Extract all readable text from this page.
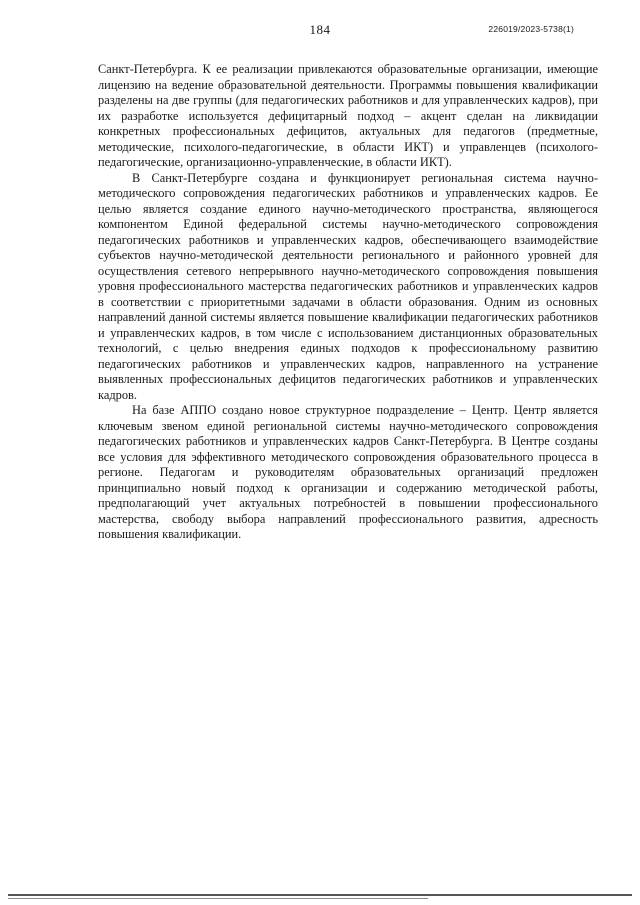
184	226019/2023-5738(1)

Санкт-Петербурга. К ее реализации привлекаются образовательные организации, имеющие лицензию на ведение образовательной деятельности. Программы повышения квалификации разделены на две группы (для педагогических работников и для управленческих кадров), при их разработке используется дефицитарный подход – акцент сделан на ликвидации конкретных профессиональных дефицитов, актуальных для педагогов (предметные, методические, психолого-педагогические, в области ИКТ) и управленцев (психолого-педагогические, организационно-управленческие, в области ИКТ).

В Санкт-Петербурге создана и функционирует региональная система научно-методического сопровождения педагогических работников и управленческих кадров. Ее целью является создание единого научно-методического пространства, являющегося компонентом Единой федеральной системы научно-методического сопровождения педагогических работников и управленческих кадров, обеспечивающего взаимодействие субъектов научно-методической деятельности регионального и районного уровней для осуществления сетевого непрерывного научно-методического сопровождения повышения уровня профессионального мастерства педагогических работников и управленческих кадров в соответствии с приоритетными задачами в области образования. Одним из основных направлений данной системы является повышение квалификации педагогических работников и управленческих кадров, в том числе с использованием дистанционных образовательных технологий, с целью внедрения единых подходов к профессиональному развитию педагогических работников и управленческих кадров, направленного на устранение выявленных профессиональных дефицитов педагогических работников и управленческих кадров.

На базе АППО создано новое структурное подразделение – Центр. Центр является ключевым звеном единой региональной системы научно-методического сопровождения педагогических работников и управленческих кадров Санкт-Петербурга. В Центре созданы все условия для эффективного методического сопровождения образовательного процесса в регионе. Педагогам и руководителям образовательных организаций предложен принципиально новый подход к организации и содержанию методической работы, предполагающий учет актуальных потребностей в повышении профессионального мастерства, свободу выбора направлений профессионального развития, адресность повышения квалификации.
